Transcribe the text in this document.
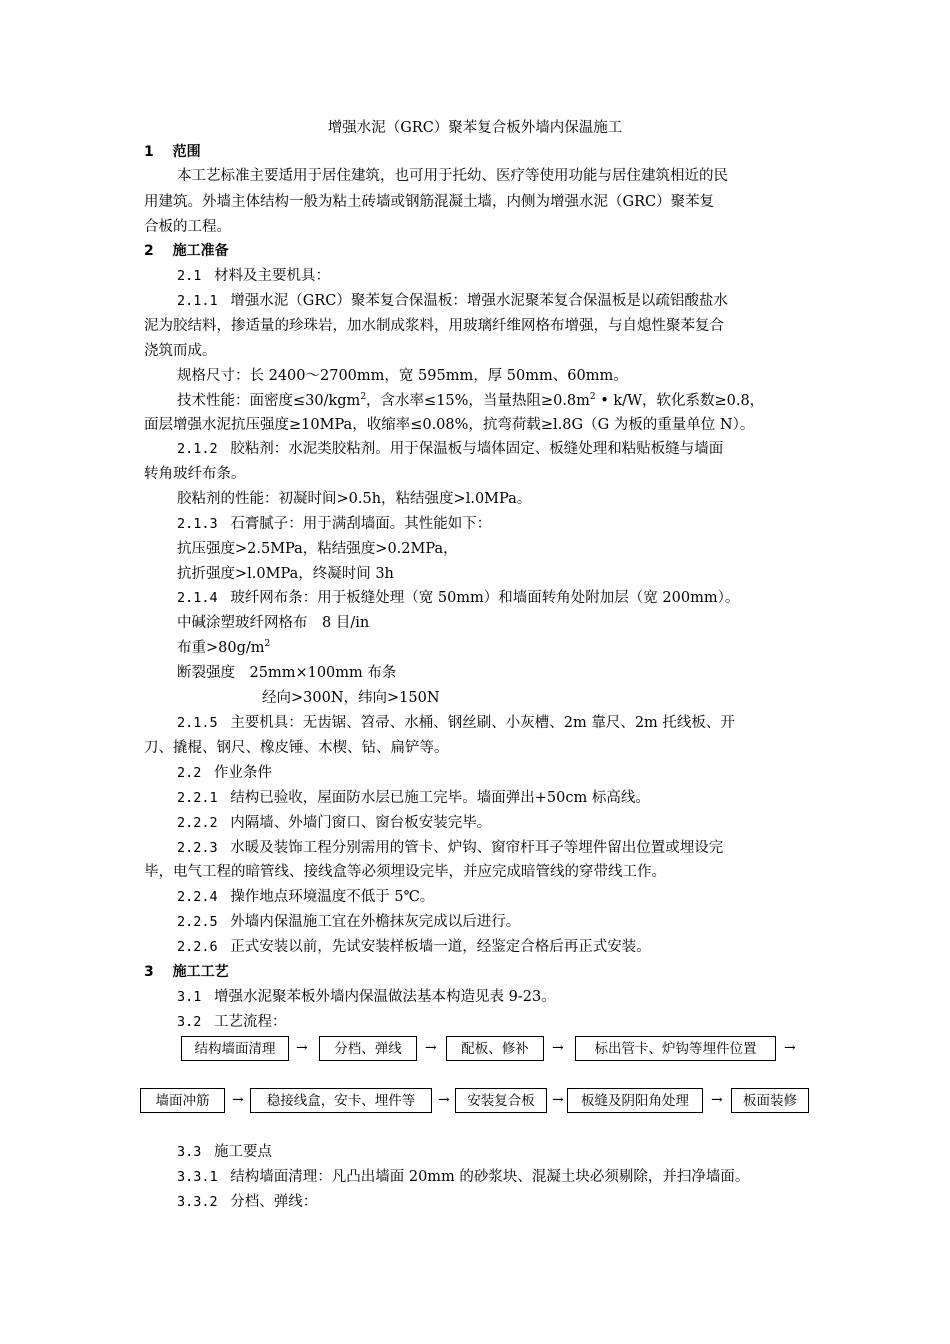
增强水泥（GRC）聚苯复合板外墙内保温施工
1　 范围
本工艺标准主要适用于居住建筑，也可用于托幼、医疗等使用功能与居住建筑相近的民
用建筑。外墙主体结构一般为粘土砖墙或钢筋混凝土墙，内侧为增强水泥（GRC）聚苯复
合板的工程。
2　 施工准备
2.1 材料及主要机具：
2.1.1 增强水泥（GRC）聚苯复合保温板：增强水泥聚苯复合保温板是以疏铝酸盐水
泥为胶结料，掺适量的珍珠岩，加水制成浆料，用玻璃纤维网格布增强，与自熄性聚苯复合
浇筑而成。
规格尺寸：长 2400～2700mm，宽 595mm，厚 50mm、60mm。
技术性能：面密度≤30/kgm$^2$，含水率≤15%，当量热阻$\ge 0.8m^2$ • k/W，软化系数≥0.8，
面层增强水泥抗压强度≥10MPa，收缩率≤0.08%，抗弯荷载≥l.8G（G 为板的重量单位 N）。
2.1.2 胶粘剂：水泥类胶粘剂。用于保温板与墙体固定、板缝处理和粘贴板缝与墙面
转角玻纤布条。
胶粘剂的性能：初凝时间>0.5h，粘结强度>l.0MPa。
2.1.3 石膏腻子：用于满刮墙面。其性能如下：
抗压强度>2.5MPa，粘结强度>0.2MPa，
抗折强度>l.0MPa，终凝时间 3h
2.1.4 玻纤网布条：用于板缝处理（宽 50mm）和墙面转角处附加层（宽 200mm）。
中碱涂塑玻纤网格布　8 目/in
布重$>80g/m^2$
断裂强度　25mm×100mm 布条
经向>300N，纬向>150N
2.1.5 主要机具：无齿锯、笤帚、水桶、钢丝刷、小灰槽、2m 靠尺、2m 托线板、开
刀、撬棍、钢尺、橡皮锤、木楔、钻、扁铲等。
2.2 作业条件
2.2.1 结构已验收，屋面防水层已施工完毕。墙面弹出+50cm 标高线。
2.2.2 内隔墙、外墙门窗口、窗台板安装完毕。
2.2.3 水暖及装饰工程分别需用的管卡、炉钩、窗帘杆耳子等埋件留出位置或埋设完
毕，电气工程的暗管线、接线盒等必须埋设完毕，并应完成暗管线的穿带线工作。
2.2.4 操作地点环境温度不低于 5℃。
2.2.5 外墙内保温施工宜在外檐抹灰完成以后进行。
2.2.6 正式安装以前，先试安装样板墙一道，经鉴定合格后再正式安装。
3　 施工工艺
3.1 增强水泥聚苯板外墙内保温做法基本构造见表 9-23。
3.2 工艺流程：
结构墙面清理	→	分档、弹线	→	配板、修补	→	标出管卡、炉钩等埋件位置	→
墙面冲筋	→	稳接线盒，安卡、埋件等	→	安装复合板	→	板缝及阴阳角处理	→	板面装修
3.3 施工要点
3.3.1 结构墙面清理：凡凸出墙面 20mm 的砂浆块、混凝土块必须剔除，并扫净墙面。
3.3.2 分档、弹线：
